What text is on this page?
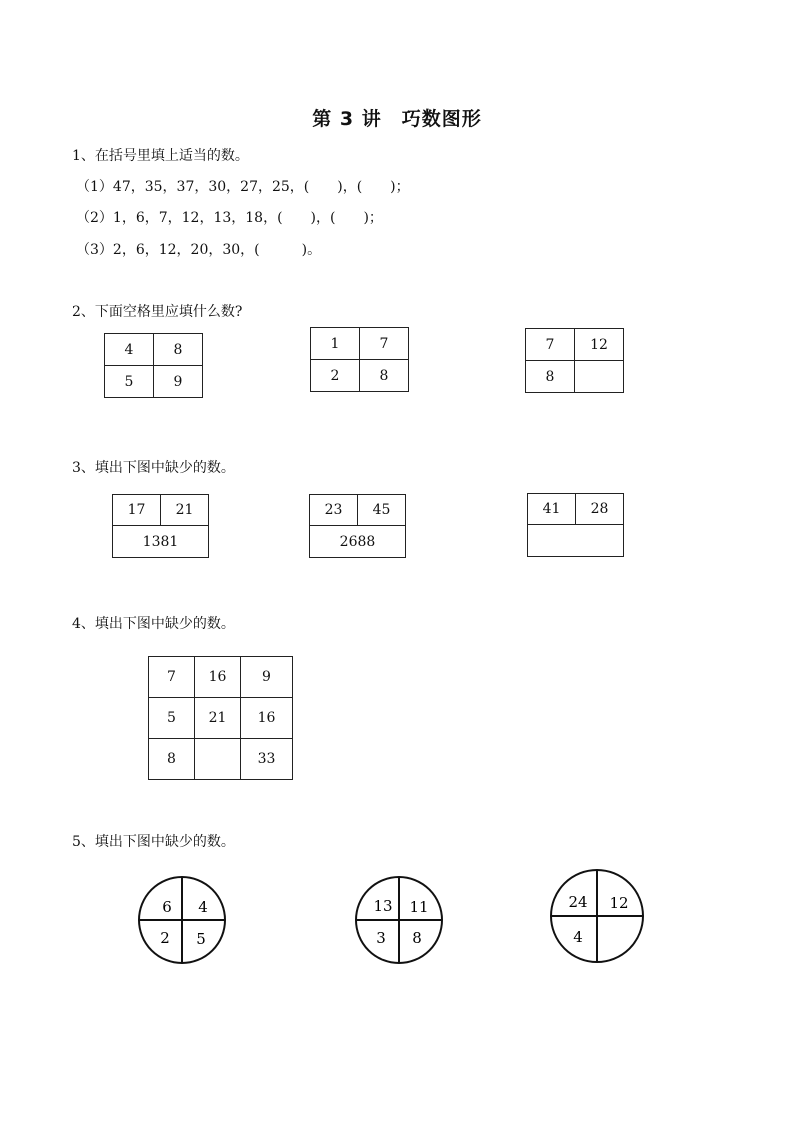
第 3 讲　巧数图形
1、在括号里填上适当的数。
（1）47，35，37，30，27，25，(　　)，(　　)；
（2）1，6，7，12，13，18，(　　)，(　　)；
（3）2，6，12，20，30，(　　　)。
2、下面空格里应填什么数?
4	8
5	9
1	7
2	8
7	12
8	
3、填出下图中缺少的数。
17	21
1381
23	45
2688
41	28

4、填出下图中缺少的数。
7	16	9
5	21	16
8		33
5、填出下图中缺少的数。
6 4
2 5
13 11
3 8
24 12
4
